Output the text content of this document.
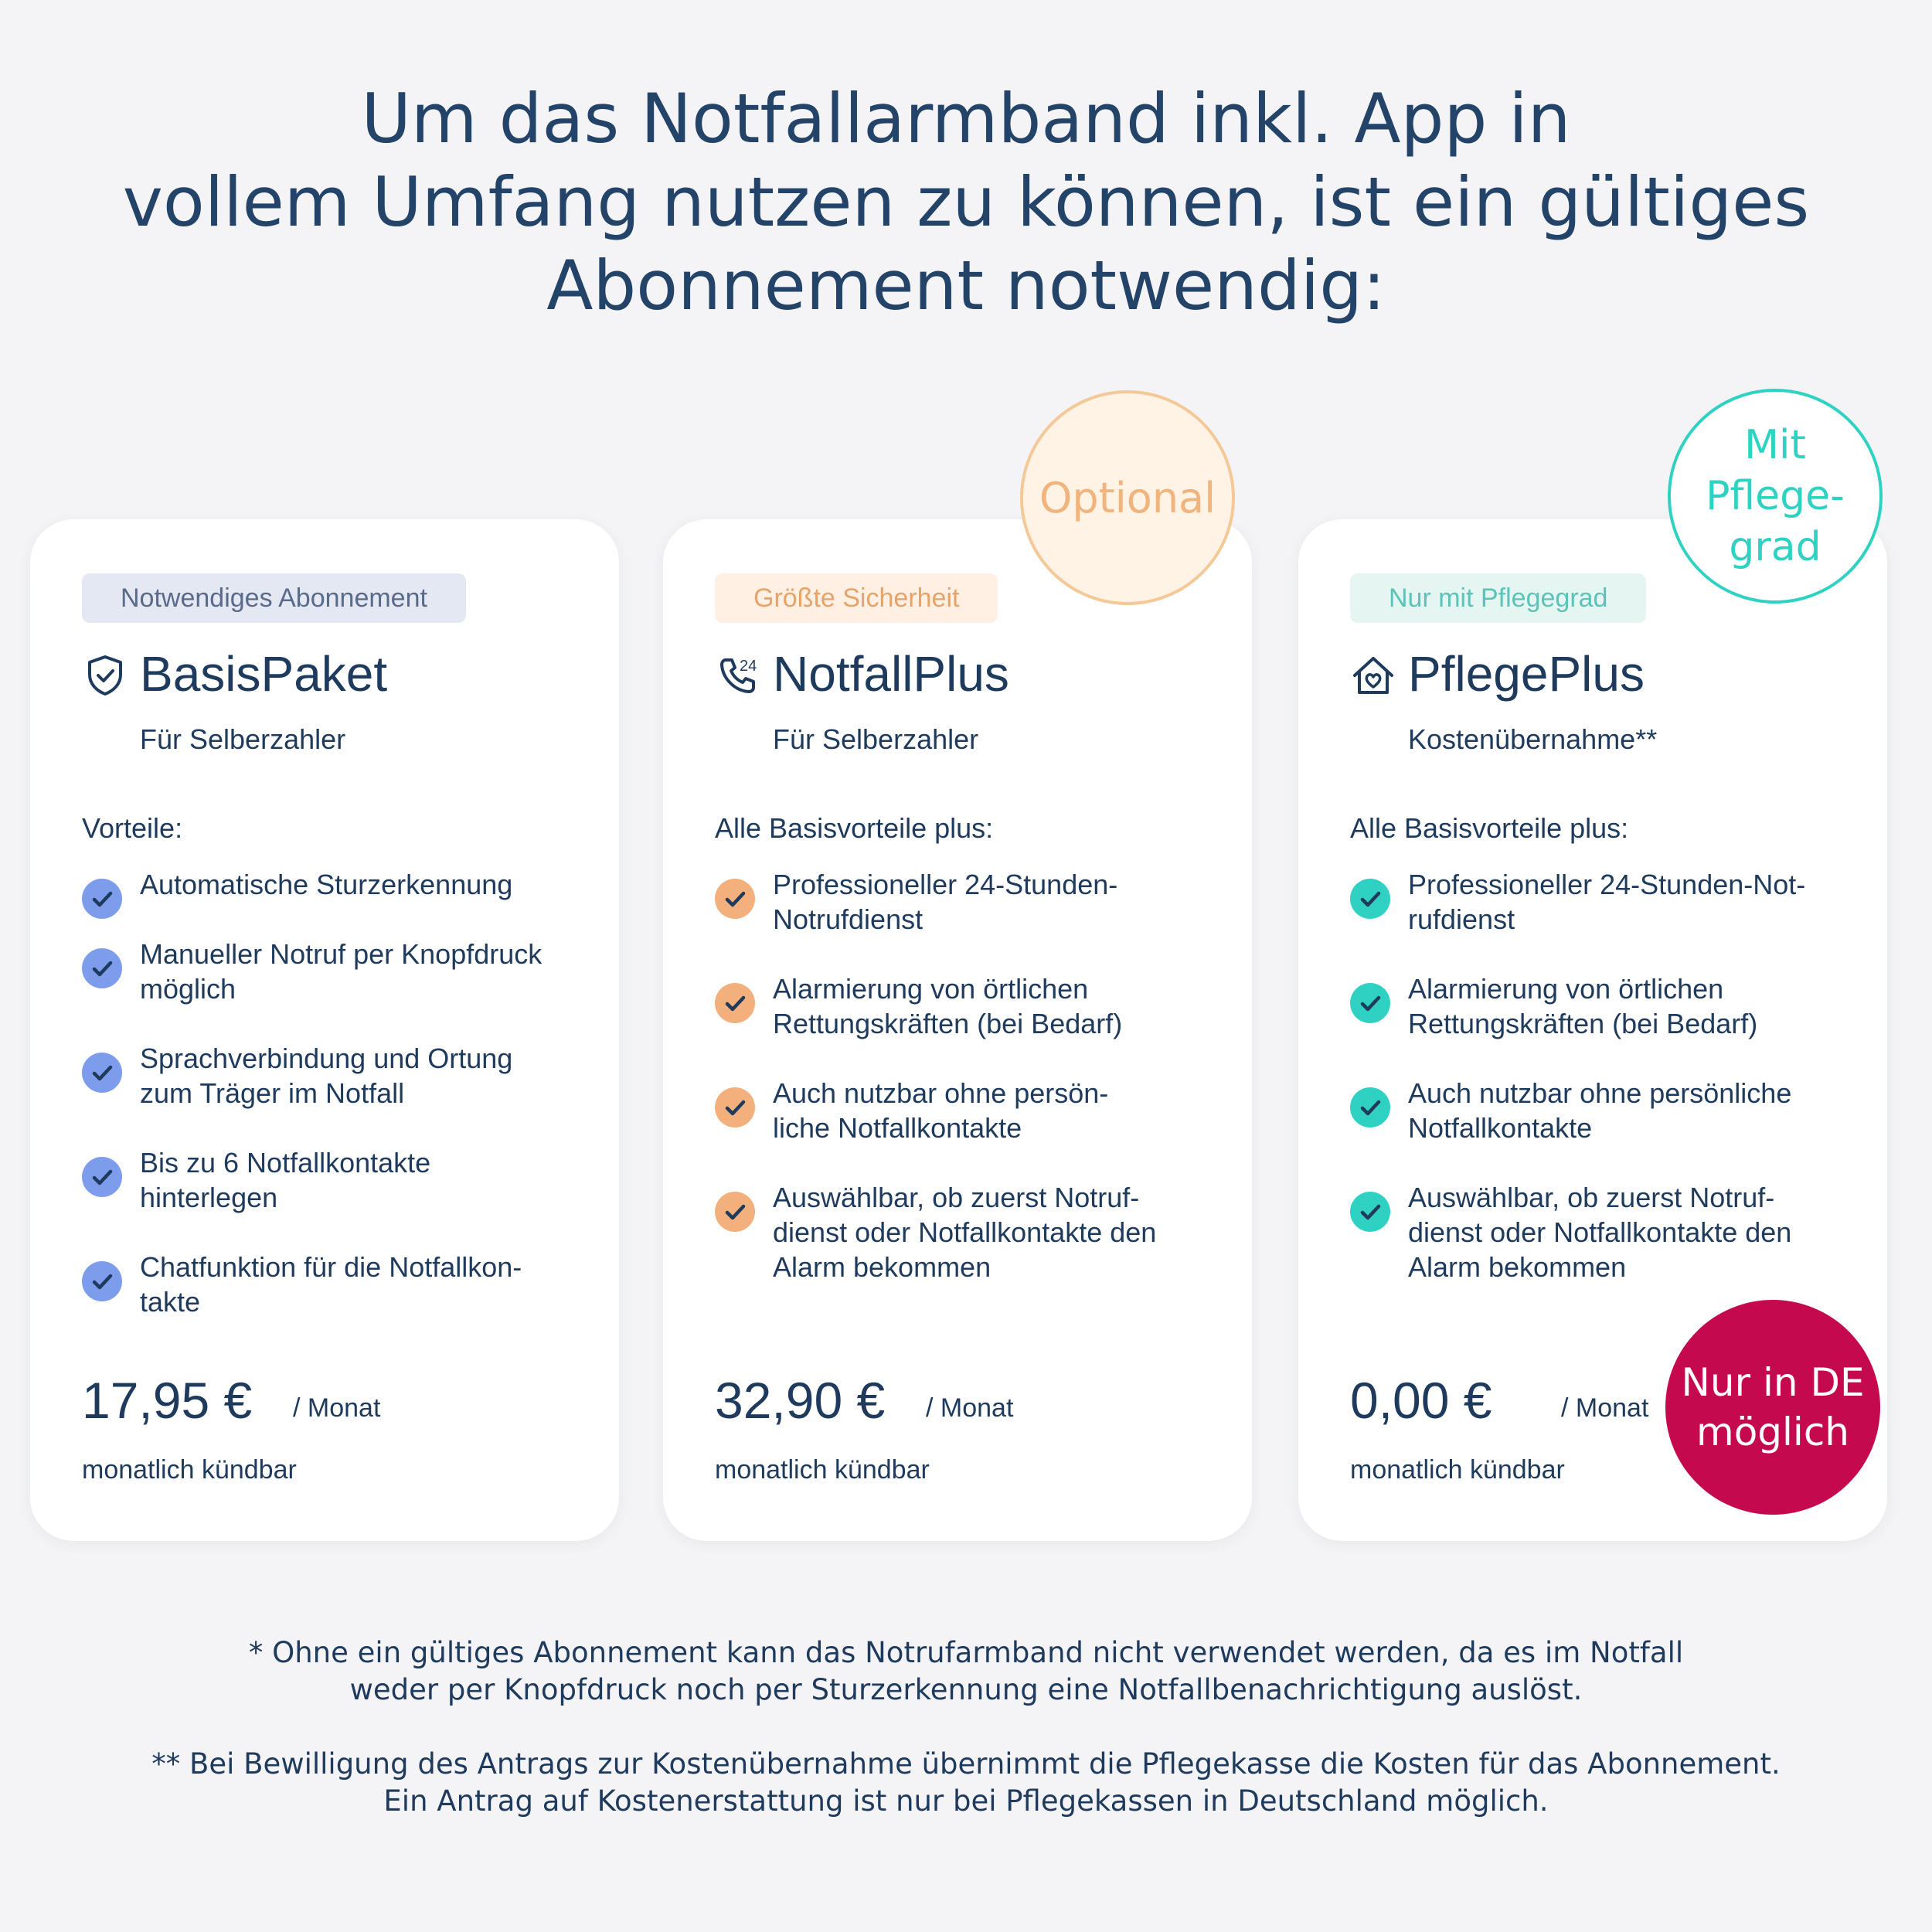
Um das Notfallarmband inkl. App in
vollem Umfang nutzen zu können, ist ein gültiges
Abonnement notwendig:
Notwendiges Abonnement
BasisPaket
Für Selberzahler
Vorteile:
Automatische Sturzerkennung
Manueller Notruf per Knopfdruck
möglich
Sprachverbindung und Ortung
zum Träger im Notfall
Bis zu 6 Notfallkontakte
hinterlegen
Chatfunktion für die Notfallkon-
takte
17,95 € / Monat
monatlich kündbar
Größte Sicherheit
24 NotfallPlus
Für Selberzahler
Alle Basisvorteile plus:
Professioneller 24-Stunden-
Notrufdienst
Alarmierung von örtlichen
Rettungskräften (bei Bedarf)
Auch nutzbar ohne persön-
liche Notfallkontakte
Auswählbar, ob zuerst Notruf-
dienst oder Notfallkontakte den
Alarm bekommen
32,90 € / Monat
monatlich kündbar
Nur mit Pflegegrad
PflegePlus
Kostenübernahme**
Alle Basisvorteile plus:
Professioneller 24-Stunden-Not-
rufdienst
Alarmierung von örtlichen
Rettungskräften (bei Bedarf)
Auch nutzbar ohne persönliche
Notfallkontakte
Auswählbar, ob zuerst Notruf-
dienst oder Notfallkontakte den
Alarm bekommen
0,00 €	/ Monat
monatlich kündbar
Optional
Mit
Pflege-
grad
Nur in DE
möglich

* Ohne ein gültiges Abonnement kann das Notrufarmband nicht verwendet werden, da es im Notfall
weder per Knopfdruck noch per Sturzerkennung eine Notfallbenachrichtigung auslöst.

** Bei Bewilligung des Antrags zur Kostenübernahme übernimmt die Pflegekasse die Kosten für das Abonnement.
Ein Antrag auf Kostenerstattung ist nur bei Pflegekassen in Deutschland möglich.
